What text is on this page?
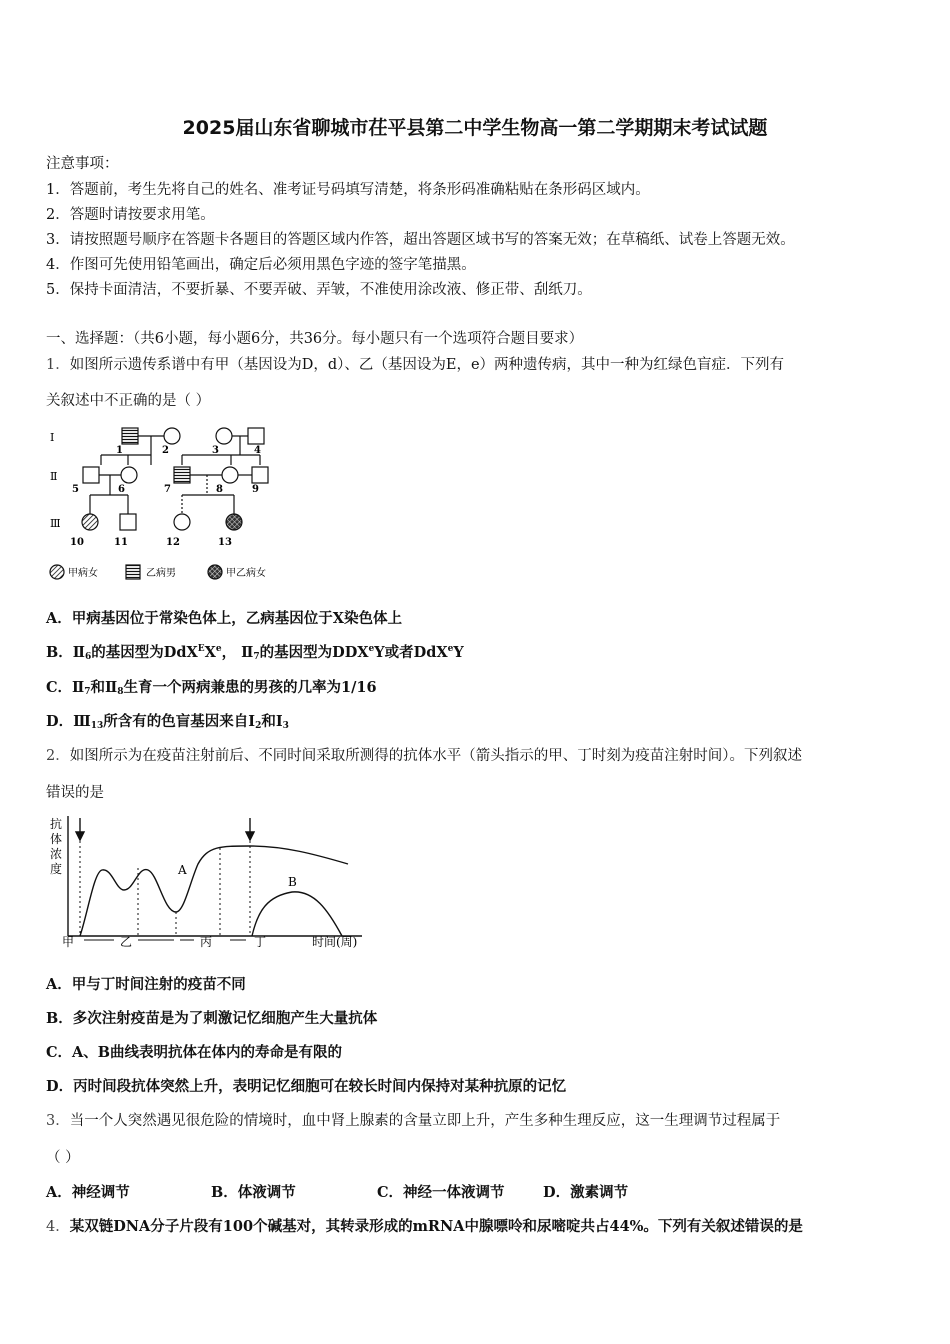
2025届山东省聊城市茌平县第二中学生物高一第二学期期末考试试题
注意事项：
1．答题前，考生先将自己的姓名、准考证号码填写清楚，将条形码准确粘贴在条形码区域内。
2．答题时请按要求用笔。
3．请按照题号顺序在答题卡各题目的答题区域内作答，超出答题区域书写的答案无效；在草稿纸、试卷上答题无效。
4．作图可先使用铅笔画出，确定后必须用黑色字迹的签字笔描黑。
5．保持卡面清洁，不要折暴、不要弄破、弄皱，不准使用涂改液、修正带、刮纸刀。
一、选择题：（共6小题，每小题6分，共36分。每小题只有一个选项符合题目要求）
1．如图所示遗传系谱中有甲（基因设为D，d）、乙（基因设为E，e）两种遗传病，其中一种为红绿色盲症．下列有
关叙述中不正确的是（ ）
Ⅰ
Ⅱ
Ⅲ
1	2	3	4
5	6	7	8	9
10	11	12	13
甲病女	乙病男	甲乙病女
A．甲病基因位于常染色体上，乙病基因位于X染色体上
B．$Ⅱ_6$的基因型为DdX$^E$Xe， $Ⅱ_7$的基因型为DDXeY或者DdX$^e$Y
C．$Ⅱ_7$和$Ⅱ_8$生育一个两病兼患的男孩的几率为1/16
D．$Ⅲ_{13}$所含有的色盲基因来自$I_2$和$I_3$
2．如图所示为在疫苗注射前后、不同时间采取所测得的抗体水平（箭头指示的甲、丁时刻为疫苗注射时间）。下列叙述
错误的是
抗
体
浓
度
甲	乙	丙	丁	时间(周)
A
B
A．甲与丁时间注射的疫苗不同
B．多次注射疫苗是为了刺激记忆细胞产生大量抗体
C．A、B曲线表明抗体在体内的寿命是有限的
D．丙时间段抗体突然上升，表明记忆细胞可在较长时间内保持对某种抗原的记忆
3．当一个人突然遇见很危险的情境时，血中肾上腺素的含量立即上升，产生多种生理反应，这一生理调节过程属于
（ ）
A．神经调节	B．体液调节	C．神经一体液调节	D．激素调节
4．某双链DNA分子片段有100个碱基对，其转录形成的mRNA中腺嘌呤和尿嘧啶共占44%。下列有关叙述错误的是
